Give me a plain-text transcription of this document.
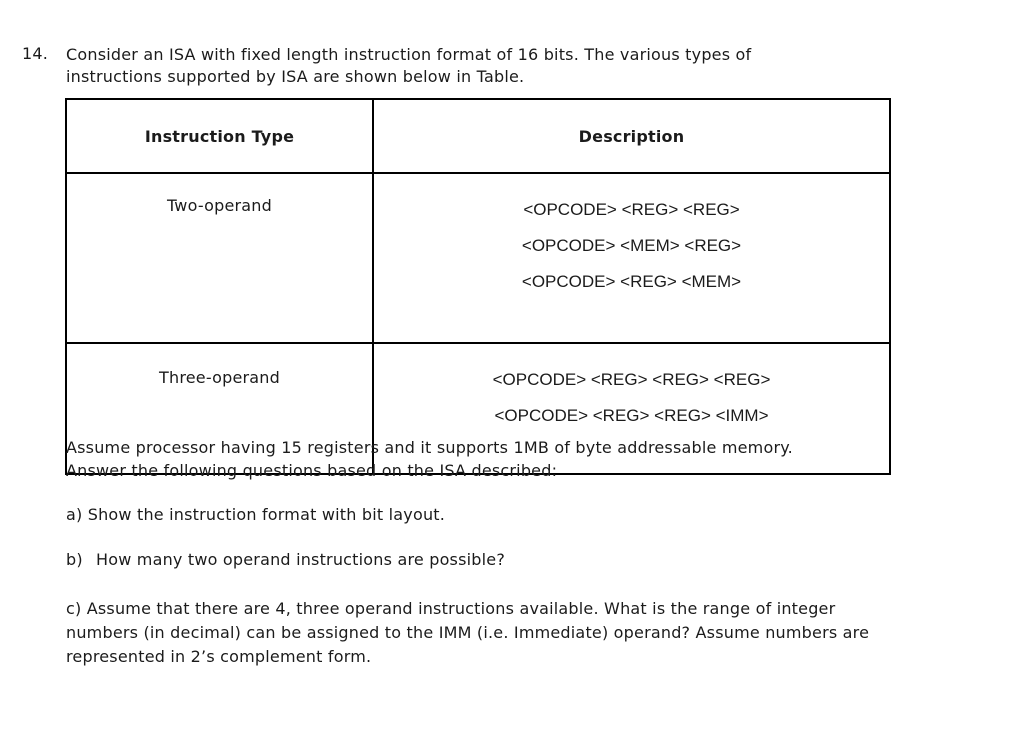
14. Consider an ISA with fixed length instruction format of 16 bits. The various types of
instructions supported by ISA are shown below in Table.
Instruction Type	Description
Two-operand	<OPCODE> <REG> <REG>
<OPCODE> <MEM> <REG>
<OPCODE> <REG> <MEM>

Three-operand	<OPCODE> <REG> <REG> <REG>
<OPCODE> <REG> <REG> <IMM>
Assume processor having 15 registers and it supports 1MB of byte addressable memory.
Answer the following questions based on the ISA described:
a) Show the instruction format with bit layout.
b) How many two operand instructions are possible?
c) Assume that there are 4, three operand instructions available. What is the range of integer
numbers (in decimal) can be assigned to the IMM (i.e. Immediate) operand? Assume numbers are
represented in 2’s complement form.
